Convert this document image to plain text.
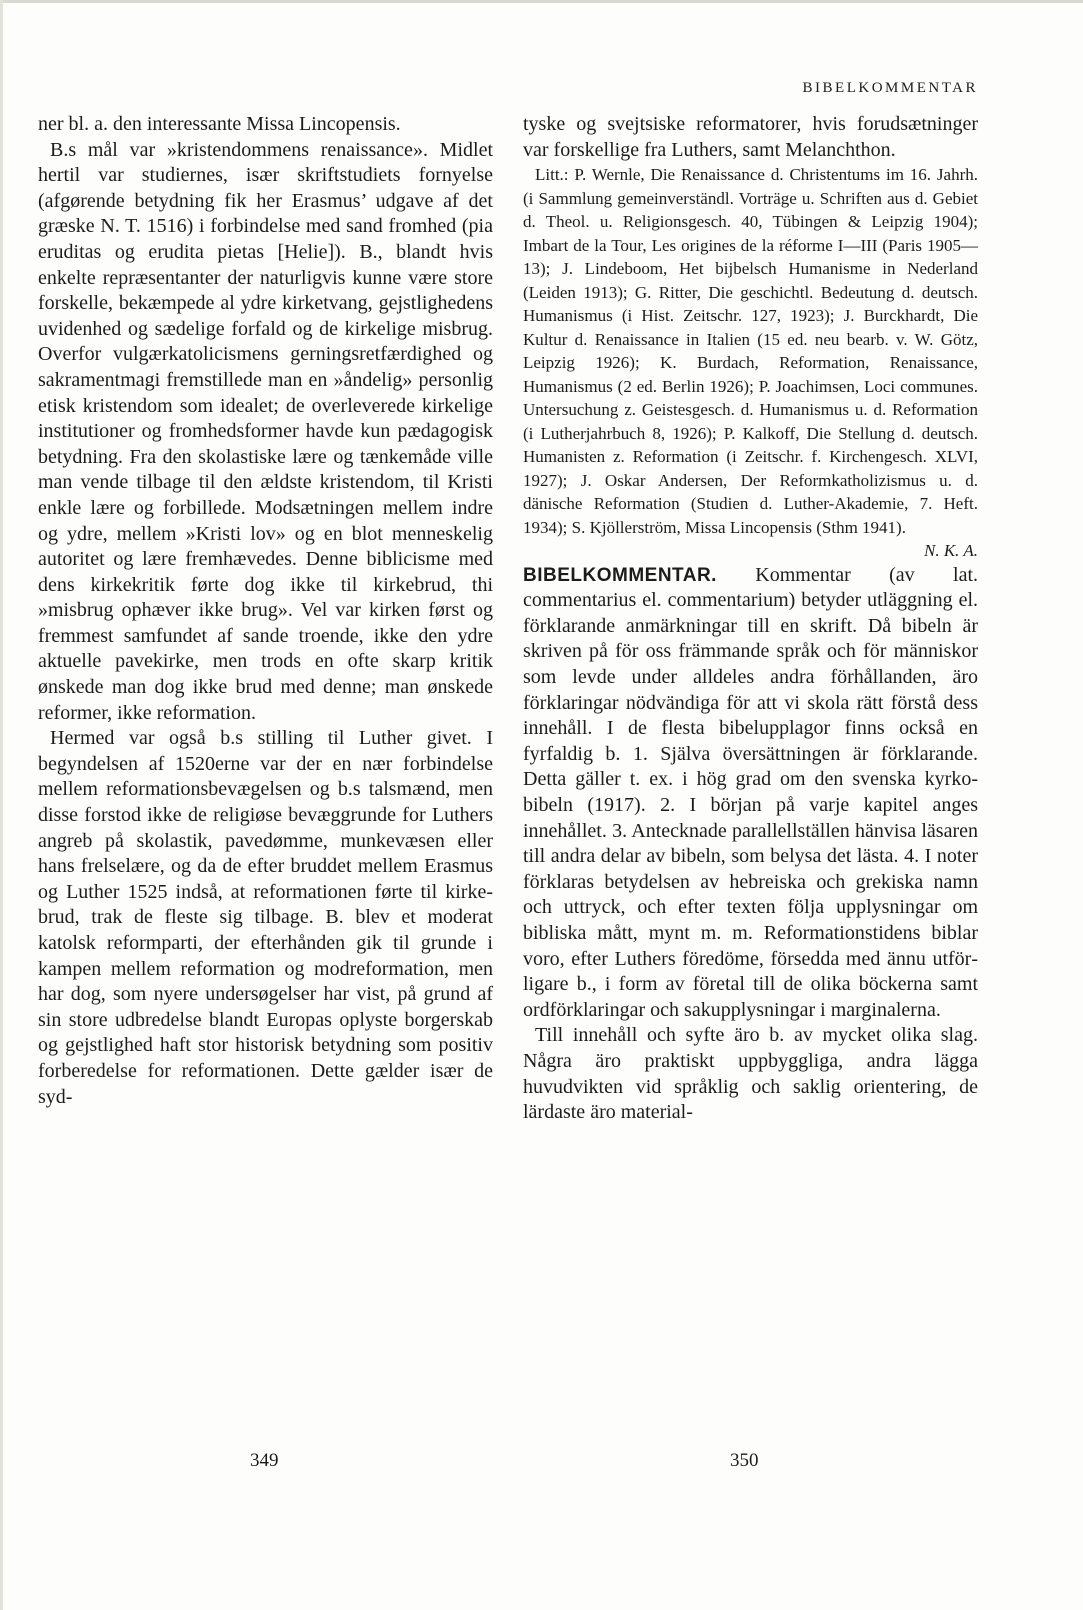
BIBELKOMMENTAR

ner bl. a. den interessante Missa Lincopensis.

B.s mål var »kristendommens renaissance». Midlet hertil var studiernes, især skriftstudiets fornyelse (afgørende betydning fik her Erasmus’ udgave af det græske N. T. 1516) i forbindelse med sand fromhed (pia eruditas og erudita pietas [Helie]). B., blandt hvis enkelte repræsentanter der naturligvis kunne være store forskelle, bekæmpede al ydre kirketvang, gejstlighedens uvidenhed og sædelige forfald og de kirkelige misbrug. Overfor vulgærkatolicismens gerningsretfærdighed og sakramentmagi fremstillede man en »åndelig» personlig etisk kristendom som idealet; de overleverede kirkelige institutioner og fromhedsformer havde kun pædagogisk betydning. Fra den skolastiske lære og tænkemåde ville man vende tilbage til den ældste kristendom, til Kristi enkle lære og forbillede. Modsætningen mellem indre og ydre, mellem »Kristi lov» og en blot menneskelig autoritet og lære fremhævedes. Denne biblicisme med dens kirkekritik førte dog ikke til kirkebrud, thi »misbrug ophæver ikke brug». Vel var kirken først og fremmest samfundet af sande troende, ikke den ydre aktuelle pavekirke, men trods en ofte skarp kritik ønskede man dog ikke brud med denne; man ønskede reformer, ikke reformation.

Hermed var også b.s stilling til Luther givet. I begyndelsen af 1520erne var der en nær forbindelse mellem reformationsbevægelsen og b.s talsmænd, men disse forstod ikke de religiøse bevæggrunde for Luthers angreb på skolastik, pavedømme, munkevæsen eller hans frelselære, og da de efter bruddet mellem Erasmus og Luther 1525 indså, at reformationen førte til kirkebrud, trak de fleste sig tilbage. B. blev et moderat katolsk reformparti, der efterhånden gik til grunde i kampen mellem reformation og modreformation, men har dog, som nyere undersøgelser har vist, på grund af sin store udbredelse blandt Europas oplyste borgerskab og gejstlighed haft stor historisk betydning som positiv forberedelse for reformationen. Dette gælder især de syd-

tyske og svejtsiske reformatorer, hvis forudsætninger var forskellige fra Luthers, samt Melanchthon.

Litt.: P. Wernle, Die Renaissance d. Christentums im 16. Jahrh. (i Sammlung gemeinverständl. Vorträge u. Schriften aus d. Gebiet d. Theol. u. Religionsgesch. 40, Tübingen & Leipzig 1904); Imbart de la Tour, Les origines de la réforme I—III (Paris 1905—13); J. Lindeboom, Het bijbelsch Humanisme in Nederland (Leiden 1913); G. Ritter, Die geschichtl. Bedeutung d. deutsch. Humanismus (i Hist. Zeitschr. 127, 1923); J. Burckhardt, Die Kultur d. Renaissance in Italien (15 ed. neu bearb. v. W. Götz, Leipzig 1926); K. Burdach, Reformation, Renaissance, Humanismus (2 ed. Berlin 1926); P. Joachimsen, Loci communes. Untersuchung z. Geistesgesch. d. Humanismus u. d. Reformation (i Lutherjahrbuch 8, 1926); P. Kalkoff, Die Stellung d. deutsch. Humanisten z. Reformation (i Zeitschr. f. Kirchengesch. XLVI, 1927); J. Oskar Andersen, Der Reformkatholizismus u. d. dänische Reformation (Studien d. Luther-Akademie, 7. Heft. 1934); S. Kjöllerström, Missa Lincopensis (Sthm 1941).
N. K. A.

BIBELKOMMENTAR. Kommentar (av lat. commentarius el. commentarium) betyder utläggning el. förklarande anmärkningar till en skrift. Då bibeln är skriven på för oss främmande språk och för människor som levde under alldeles andra förhållanden, äro förklaringar nödvändiga för att vi skola rätt förstå dess innehåll. I de flesta bibelupplagor finns också en fyrfaldig b. 1. Själva översättningen är förklarande. Detta gäller t. ex. i hög grad om den svenska kyrkobibeln (1917). 2. I början på varje kapitel anges innehållet. 3. Antecknade parallellställen hänvisa läsaren till andra delar av bibeln, som belysa det lästa. 4. I noter förklaras betydelsen av hebreiska och grekiska namn och uttryck, och efter texten följa upplysningar om bibliska mått, mynt m. m. Reformationstidens biblar voro, efter Luthers föredöme, försedda med ännu utförligare b., i form av företal till de olika böckerna samt ordförklaringar och sakupplysningar i marginalerna.

Till innehåll och syfte äro b. av mycket olika slag. Några äro praktiskt uppbyggliga, andra lägga huvudvikten vid språklig och saklig orientering, de lärdaste äro material-

349	350
